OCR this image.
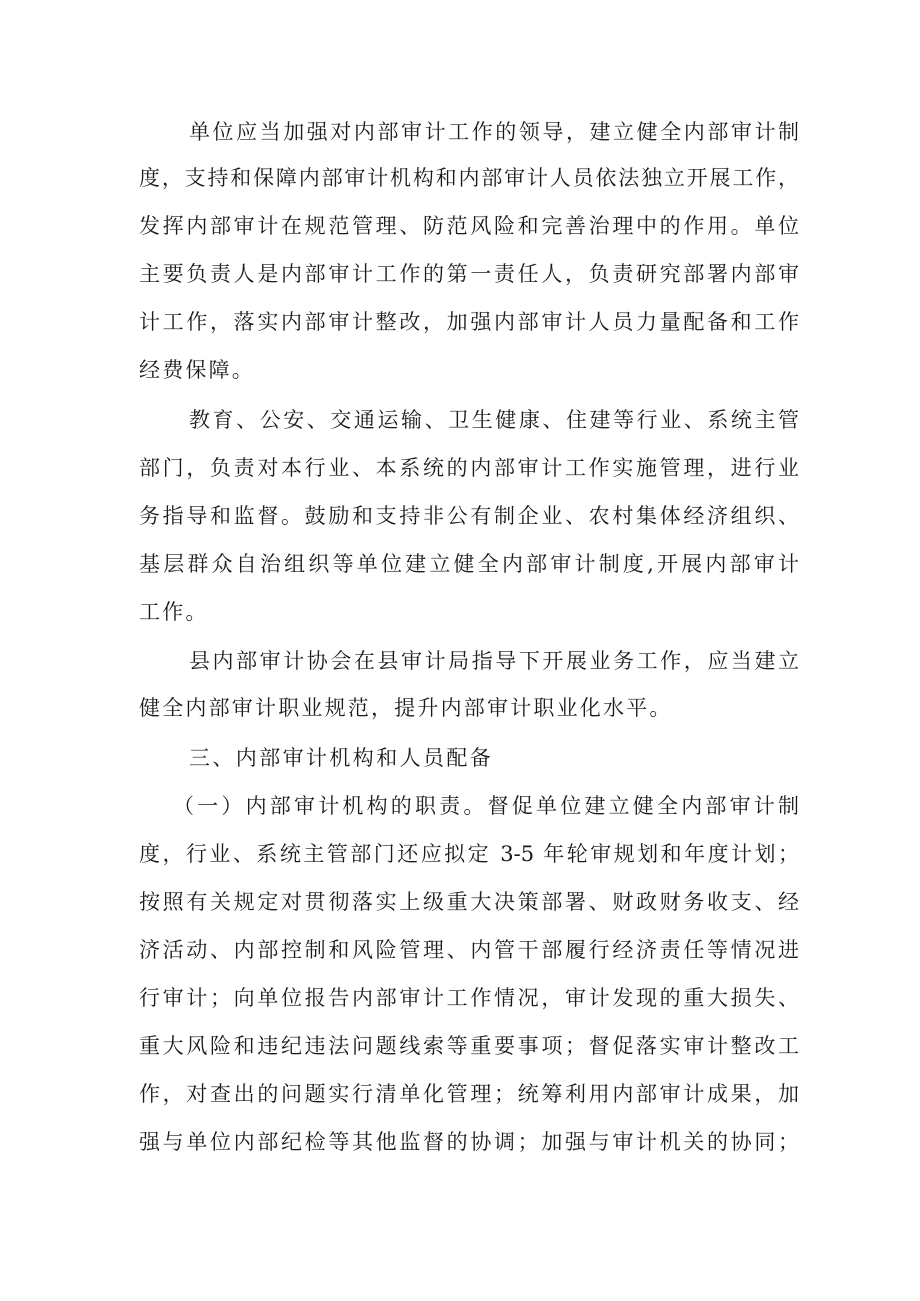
单位应当加强对内部审计工作的领导，建立健全内部审计制
度，支持和保障内部审计机构和内部审计人员依法独立开展工作，
发挥内部审计在规范管理、防范风险和完善治理中的作用。单位
主要负责人是内部审计工作的第一责任人，负责研究部署内部审
计工作，落实内部审计整改，加强内部审计人员力量配备和工作
经费保障。
教育、公安、交通运输、卫生健康、住建等行业、系统主管
部门，负责对本行业、本系统的内部审计工作实施管理，进行业
务指导和监督。鼓励和支持非公有制企业、农村集体经济组织、
基层群众自治组织等单位建立健全内部审计制度,开展内部审计
工作。
县内部审计协会在县审计局指导下开展业务工作，应当建立
健全内部审计职业规范，提升内部审计职业化水平。
三、内部审计机构和人员配备
（一）内部审计机构的职责。督促单位建立健全内部审计制
度，行业、系统主管部门还应拟定 3-5 年轮审规划和年度计划；
按照有关规定对贯彻落实上级重大决策部署、财政财务收支、经
济活动、内部控制和风险管理、内管干部履行经济责任等情况进
行审计；向单位报告内部审计工作情况，审计发现的重大损失、
重大风险和违纪违法问题线索等重要事项；督促落实审计整改工
作，对查出的问题实行清单化管理；统筹利用内部审计成果，加
强与单位内部纪检等其他监督的协调；加强与审计机关的协同；
